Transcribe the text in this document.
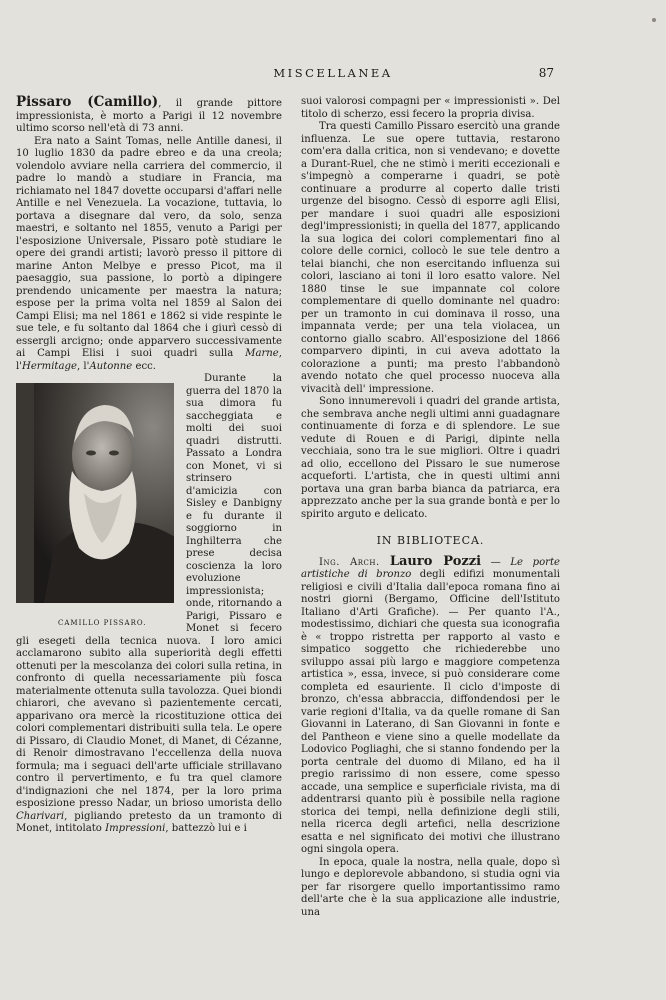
MISCELLANEA	87

Pissaro (Camillo), il grande pittore impressionista, è morto a Parigi il 12 novembre ultimo scorso nell'età di 73 anni.

Era nato a Saint Tomas, nelle Antille danesi, il 10 luglio 1830 da padre ebreo e da una creola; volendolo avviare nella carriera del commercio, il padre lo mandò a studiare in Francia, ma richiamato nel 1847 dovette occuparsi d'affari nelle Antille e nel Venezuela. La vocazione, tuttavia, lo portava a disegnare dal vero, da solo, senza maestri, e soltanto nel 1855, venuto a Parigi per l'esposizione Universale, Pissaro potè studiare le opere dei grandi artisti; lavorò presso il pittore di marine Anton Melbye e presso Picot, ma il paesaggio, sua passione, lo portò a dipingere prendendo unicamente per maestra la natura; espose per la prima volta nel 1859 al Salon dei Campi Elisi; ma nel 1861 e 1862 si vide respinte le sue tele, e fu soltanto dal 1864 che i giurì cessò di essergli arcigno; onde apparvero successivamente ai Campi Elisi i suoi quadri sulla Marne, l'Hermitage, l'Autonne ecc.

CAMILLO PISSARO.
Durante la guerra del 1870 la sua dimora fu saccheggiata e molti dei suoi quadri distrutti. Passato a Londra con Monet, vi si strinsero d'amicizia con Sisley e Danbigny e fu durante il soggiorno in Inghilterra che prese decisa coscienza la loro evoluzione impressionista; onde, ritornando a Parigi, Pissaro e Monet si fecero gli esegeti della tecnica nuova. I loro amici acclamarono subito alla superiorità degli effetti ottenuti per la mescolanza dei colori sulla retina, in confronto di quella necessariamente più fosca materialmente ottenuta sulla tavolozza. Quei biondi chiarori, che avevano sì pazientemente cercati, apparivano ora mercè la ricostituzione ottica dei colori complementari distribuiti sulla tela. Le opere di Pissaro, di Claudio Monet, di Manet, di Cézanne, di Renoir dimostravano l'eccellenza della nuova formula; ma i seguaci dell'arte ufficiale strillavano contro il pervertimento, e fu tra quel clamore d'indignazioni che nel 1874, per la loro prima esposizione presso Nadar, un brioso umorista dello Charivari, pigliando pretesto da un tramonto di Monet, intitolato Impressioni, battezzò lui e i

suoi valorosi compagni per « impressionisti ». Del titolo di scherzo, essi fecero la propria divisa.

Tra questi Camillo Pissaro esercitò una grande influenza. Le sue opere tuttavia, restarono com'era dalla critica, non si vendevano; e dovette a Durant-Ruel, che ne stimò i meriti eccezionali e s'impegnò a comperarne i quadri, se potè continuare a produrre al coperto dalle tristi urgenze del bisogno. Cessò di esporre agli Elisi, per mandare i suoi quadri alle esposizioni degl'impressionisti; in quella del 1877, applicando la sua logica dei colori complementari fino al colore delle cornici, collocò le sue tele dentro a telai bianchi, che non esercitando influenza sui colori, lasciano ai toni il loro esatto valore. Nel 1880 tinse le sue impannate col colore complementare di quello dominante nel quadro: per un tramonto in cui dominava il rosso, una impannata verde; per una tela violacea, un contorno giallo scabro. All'esposizione del 1866 comparvero dipinti, in cui aveva adottato la colorazione a punti; ma presto l'abbandonò avendo notato che quel processo nuoceva alla vivacità dell' impressione.

Sono innumerevoli i quadri del grande artista, che sembrava anche negli ultimi anni guadagnare continuamente di forza e di splendore. Le sue vedute di Rouen e di Parigi, dipinte nella vecchiaia, sono tra le sue migliori. Oltre i quadri ad olio, eccellono del Pissaro le sue numerose acqueforti. L'artista, che in questi ultimi anni portava una gran barba bianca da patriarca, era apprezzato anche per la sua grande bontà e per lo spirito arguto e delicato.

IN BIBLIOTECA.

Ing. Arch. Lauro Pozzi — Le porte artistiche di bronzo degli edifizi monumentali religiosi e civili d'Italia dall'epoca romana fino ai nostri giorni (Bergamo, Officine dell'Istituto Italiano d'Arti Grafiche). — Per quanto l'A., modestissimo, dichiari che questa sua iconografia è « troppo ristretta per rapporto al vasto e simpatico soggetto che richiederebbe uno sviluppo assai più largo e maggiore competenza artistica », essa, invece, si può considerare come completa ed esauriente. Il ciclo d'imposte di bronzo, ch'essa abbraccia, diffondendosi per le varie regioni d'Italia, va da quelle romane di San Giovanni in Laterano, di San Giovanni in fonte e del Pantheon e viene sino a quelle modellate da Lodovico Pogliaghi, che si stanno fondendo per la porta centrale del duomo di Milano, ed ha il pregio rarissimo di non essere, come spesso accade, una semplice e superficiale rivista, ma di addentrarsi quanto più è possibile nella ragione storica dei tempi, nella definizione degli stili, nella ricerca degli artefici, nella descrizione esatta e nel significato dei motivi che illustrano ogni singola opera.

In epoca, quale la nostra, nella quale, dopo sì lungo e deplorevole abbandono, si studia ogni via per far risorgere quello importantissimo ramo dell'arte che è la sua applicazione alle industrie, una
